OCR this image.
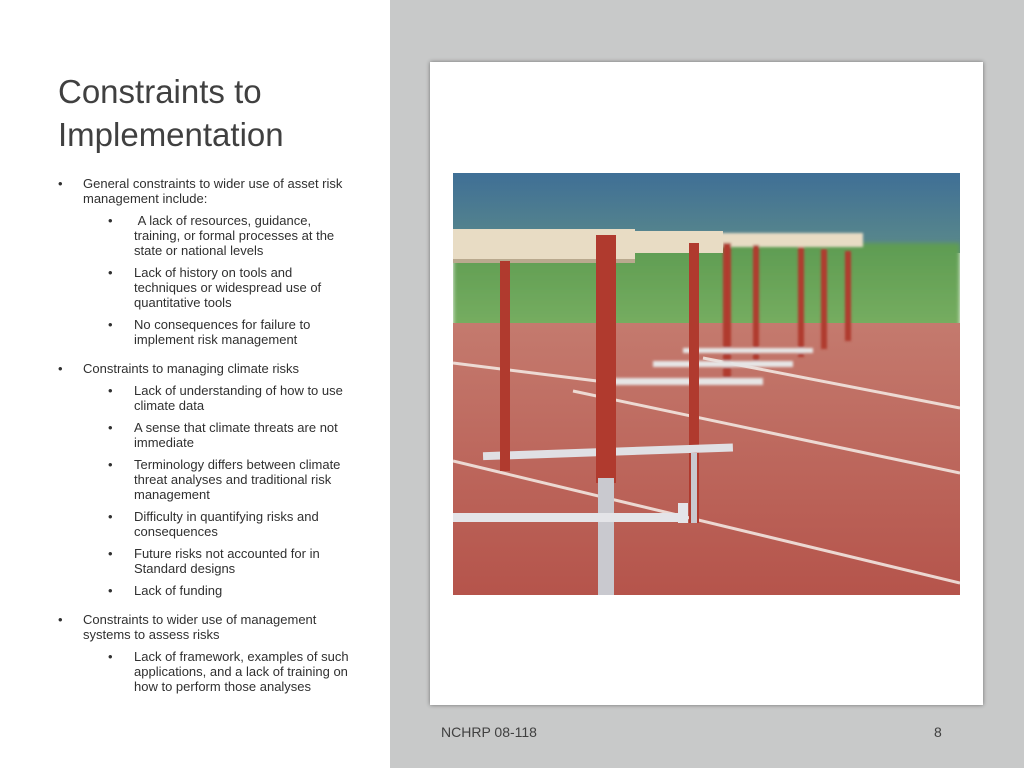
Constraints to Implementation
• General constraints to wider use of asset risk management include:
• A lack of resources, guidance, training, or formal processes at the state or national levels
• Lack of history on tools and techniques or widespread use of quantitative tools
• No consequences for failure to implement risk management
• Constraints to managing climate risks
• Lack of understanding of how to use climate data
• A sense that climate threats are not immediate
• Terminology differs between climate threat analyses and traditional risk management
• Difficulty in quantifying risks and consequences
• Future risks not accounted for in Standard designs
• Lack of funding
• Constraints to wider use of management systems to assess risks
• Lack of framework, examples of such applications, and a lack of training on how to perform those analyses
NCHRP 08-118	8
